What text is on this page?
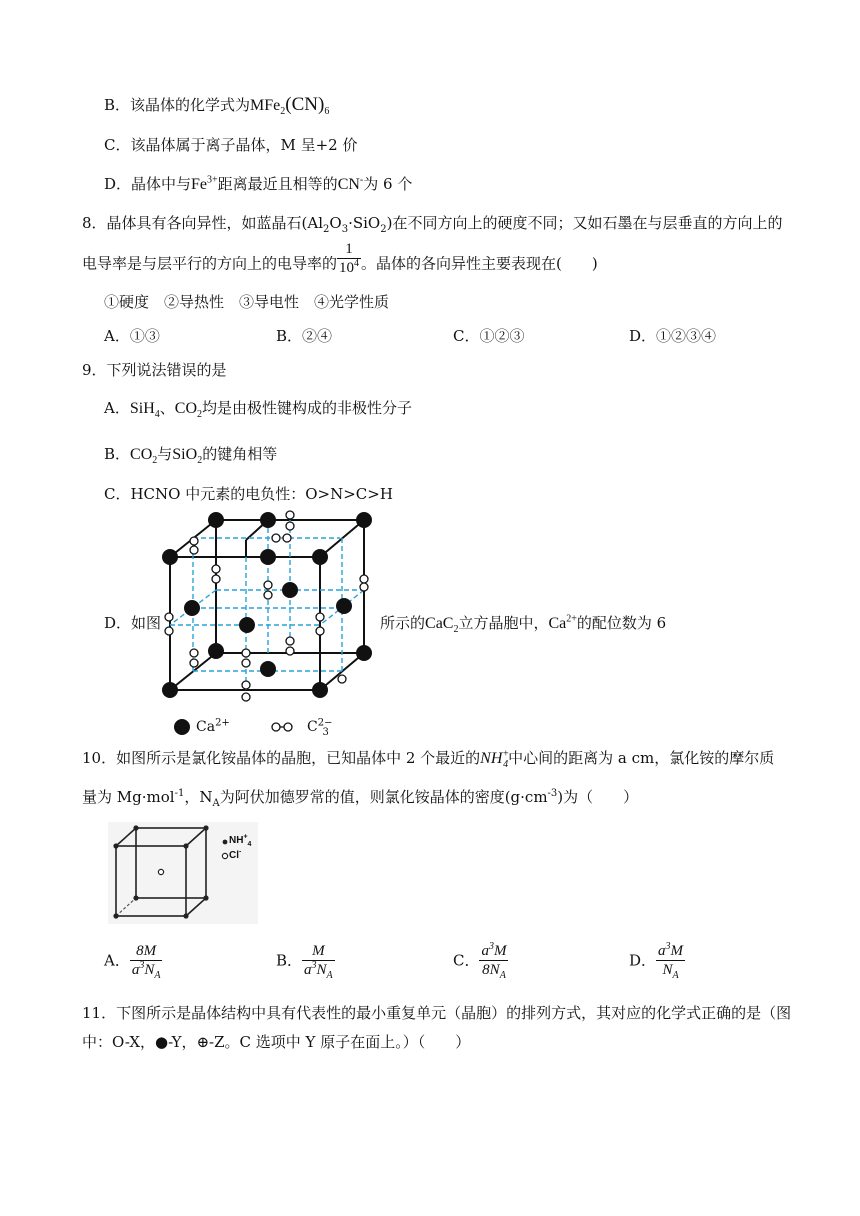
B．该晶体的化学式为$MFe_2(CN)_6$
C．该晶体属于离子晶体，M 呈+2 价
D．晶体中与$Fe^{3+}$距离最近且相等的CN-为 6 个
8．晶体具有各向异性，如蓝晶石$(Al_2O_3\cdot SiO_2)$在不同方向上的硬度不同；又如石墨在与层垂直的方向上的
电导率是与层平行的方向上的电导率的 $\frac{1}{10^4}$ 。晶体的各向异性主要表现在(　　)
①硬度　②导热性　③导电性　④光学性质
A．①③	B．②④	C．①②③	D．①②③④
9．下列说法错误的是
A．SiH$_4$、$CO_2$均是由极性键构成的非极性分子
B．$CO_2$与SiO$_2$的键角相等
C．HCNO 中元素的电负性：O>N>C>H
D．如图	所示的CaC$_2$立方晶胞中，$Ca^{2+}$的配位数为 6
$Ca^{2+}$	$C^{2-}_3$
10．如图所示是氯化铵晶体的晶胞，已知晶体中 2 个最近的$NH^+_4$中心间的距离为 a cm，氯化铵的摩尔质
量为 Mg·mol$^{-1}$，$N_A$为阿伏加德罗常的值，则氯化铵晶体的密度$(g\cdot cm^{-3})$为（　　）
$NH^+_4$
Cl-
A． $\frac{8M}{a^3N_A}$	B． $\frac{M}{a^3N_A}$	C． $\frac{a^3M}{8N_A}$	D． $\frac{a^3M}{N_A}$
11．下图所示是晶体结构中具有代表性的最小重复单元（晶胞）的排列方式，其对应的化学式正确的是（图
中：O-X，●-Y，⊕-Z。C 选项中 Y 原子在面上。）（　　）
